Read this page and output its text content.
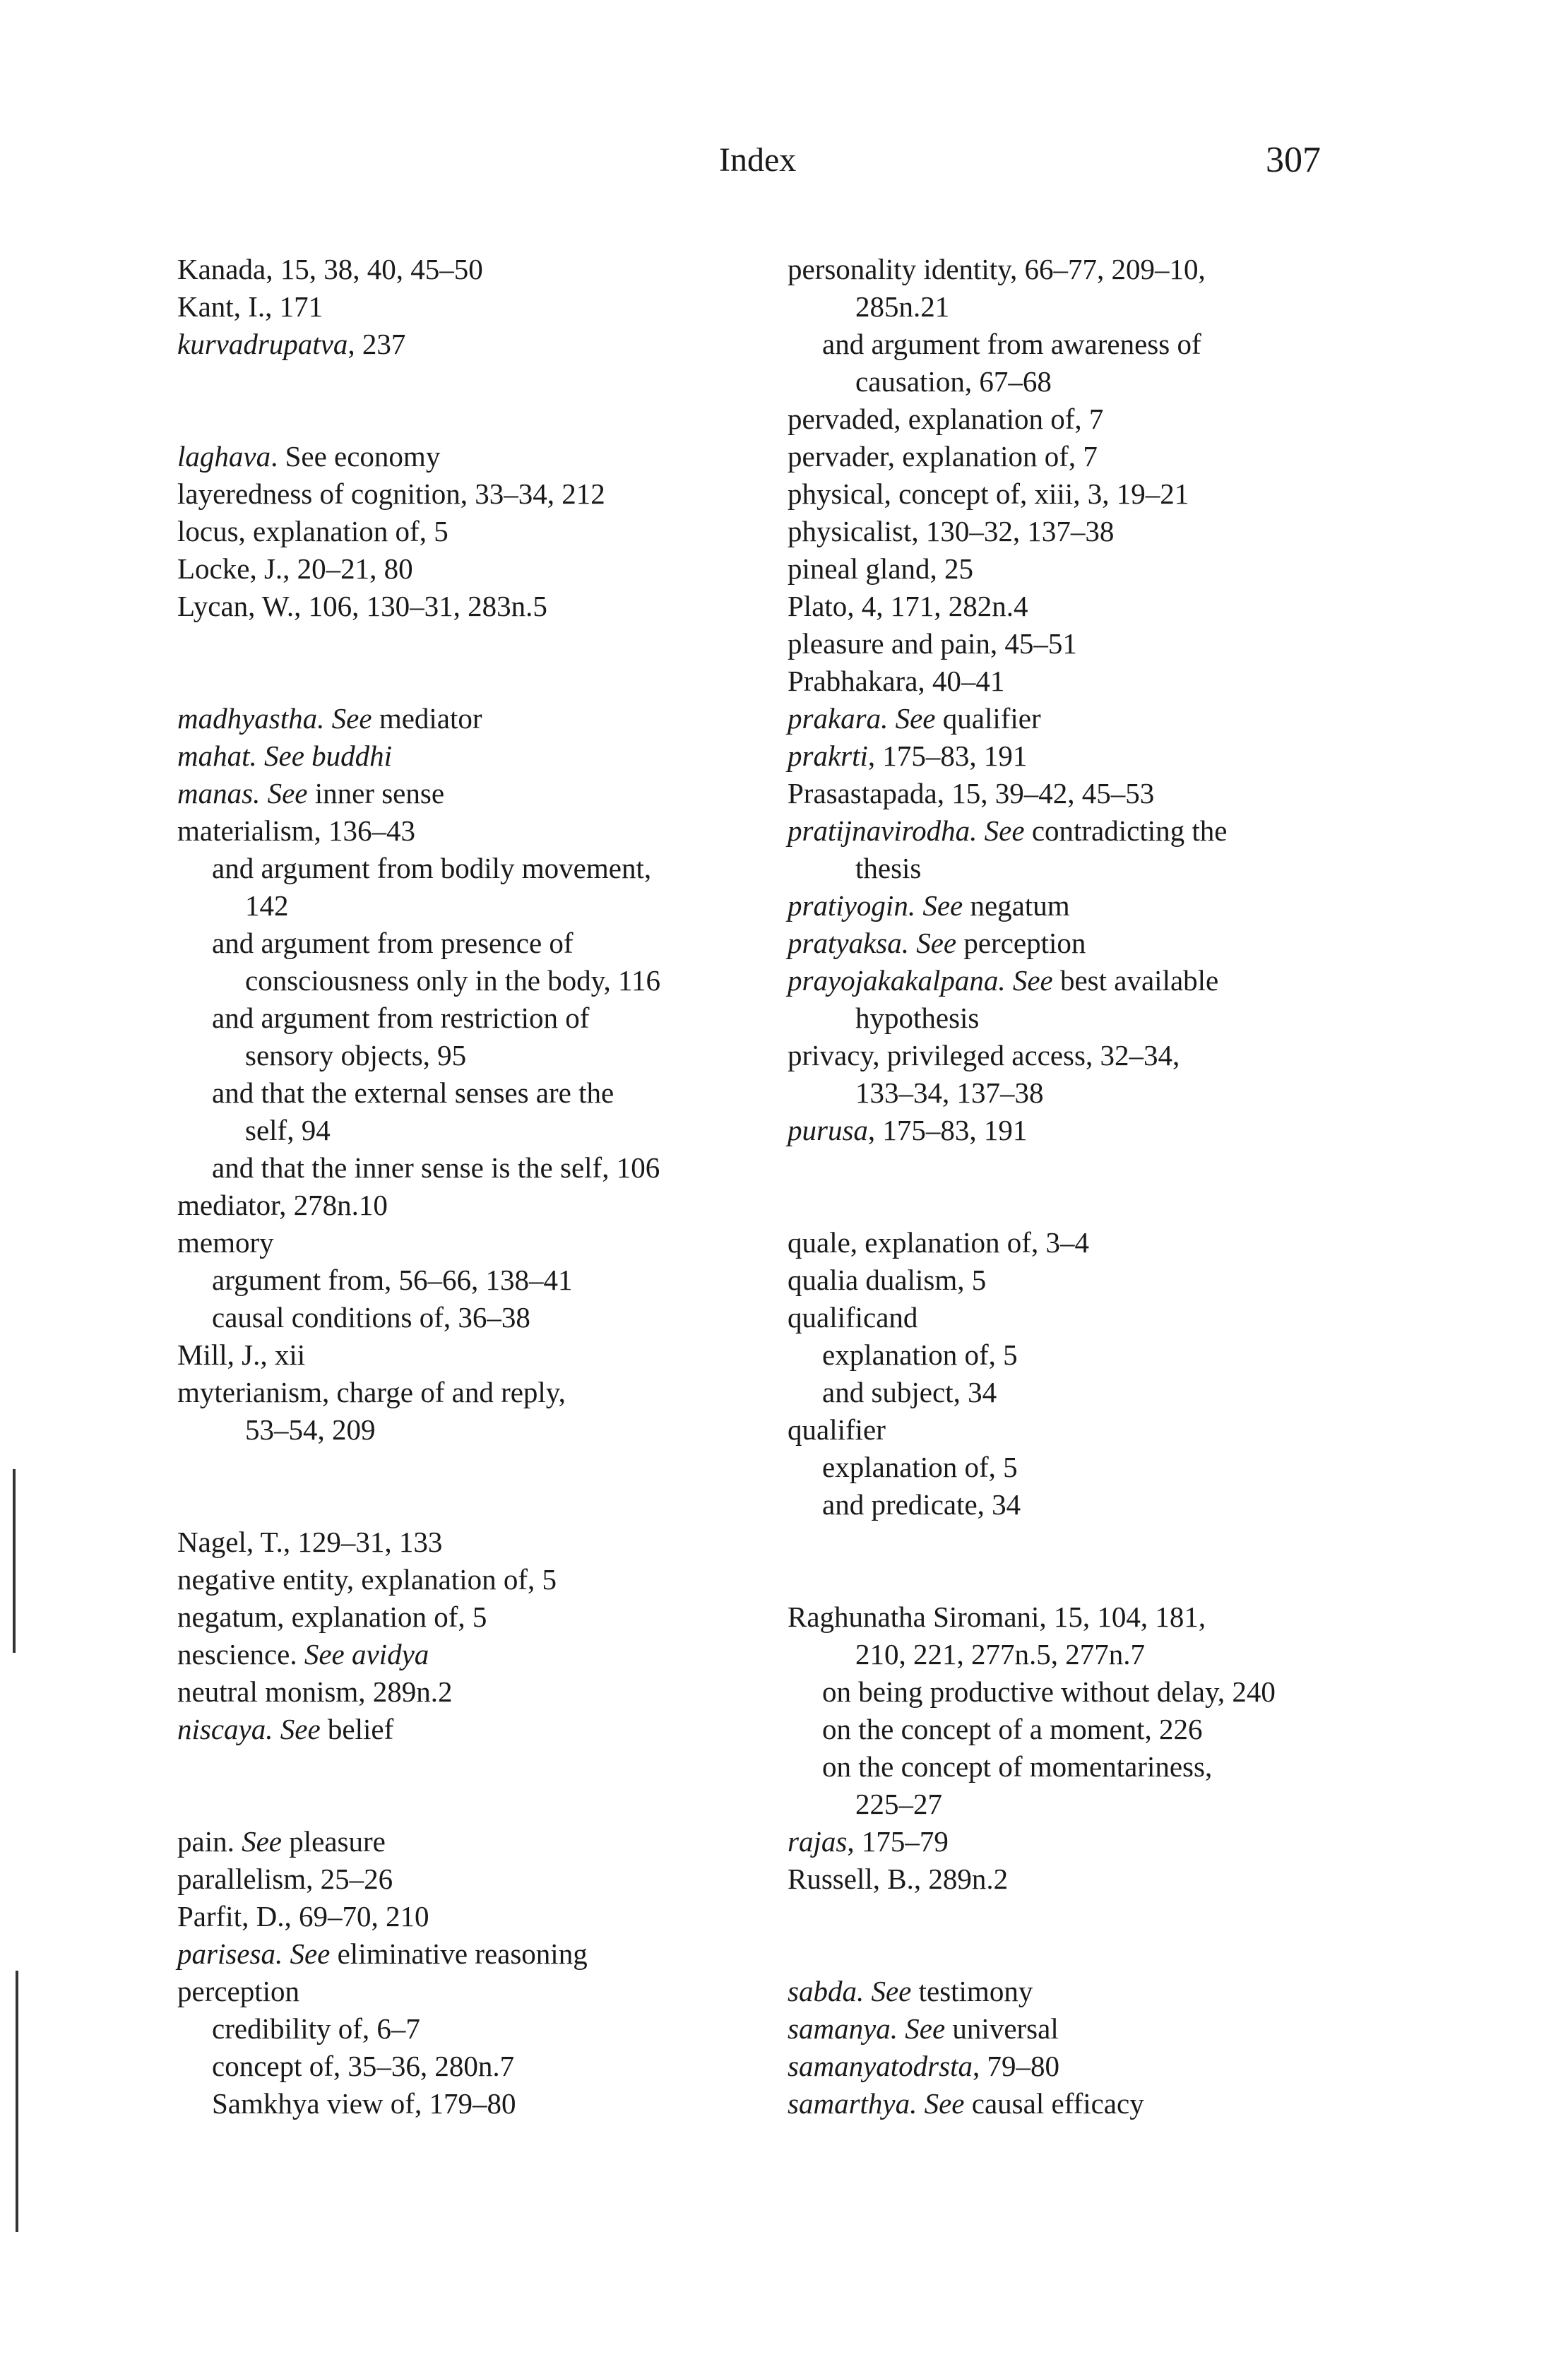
Index	307
Kanada, 15, 38, 40, 45–50
Kant, I., 171
kurvadrupatva, 237
laghava. See economy
layeredness of cognition, 33–34, 212
locus, explanation of, 5
Locke, J., 20–21, 80
Lycan, W., 106, 130–31, 283n.5
madhyastha. See mediator
mahat. See buddhi
manas. See inner sense
materialism, 136–43
and argument from bodily movement,
142
and argument from presence of
consciousness only in the body, 116
and argument from restriction of
sensory objects, 95
and that the external senses are the
self, 94
and that the inner sense is the self, 106
mediator, 278n.10
memory
argument from, 56–66, 138–41
causal conditions of, 36–38
Mill, J., xii
myterianism, charge of and reply,
53–54, 209
Nagel, T., 129–31, 133
negative entity, explanation of, 5
negatum, explanation of, 5
nescience. See avidya
neutral monism, 289n.2
niscaya. See belief
pain. See pleasure
parallelism, 25–26
Parfit, D., 69–70, 210
parisesa. See eliminative reasoning
perception
credibility of, 6–7
concept of, 35–36, 280n.7
Samkhya view of, 179–80
personality identity, 66–77, 209–10,
285n.21
and argument from awareness of
causation, 67–68
pervaded, explanation of, 7
pervader, explanation of, 7
physical, concept of, xiii, 3, 19–21
physicalist, 130–32, 137–38
pineal gland, 25
Plato, 4, 171, 282n.4
pleasure and pain, 45–51
Prabhakara, 40–41
prakara. See qualifier
prakrti, 175–83, 191
Prasastapada, 15, 39–42, 45–53
pratijnavirodha. See contradicting the
thesis
pratiyogin. See negatum
pratyaksa. See perception
prayojakakalpana. See best available
hypothesis
privacy, privileged access, 32–34,
133–34, 137–38
purusa, 175–83, 191
quale, explanation of, 3–4
qualia dualism, 5
qualificand
explanation of, 5
and subject, 34
qualifier
explanation of, 5
and predicate, 34
Raghunatha Siromani, 15, 104, 181,
210, 221, 277n.5, 277n.7
on being productive without delay, 240
on the concept of a moment, 226
on the concept of momentariness,
225–27
rajas, 175–79
Russell, B., 289n.2
sabda. See testimony
samanya. See universal
samanyatodrsta, 79–80
samarthya. See causal efficacy
